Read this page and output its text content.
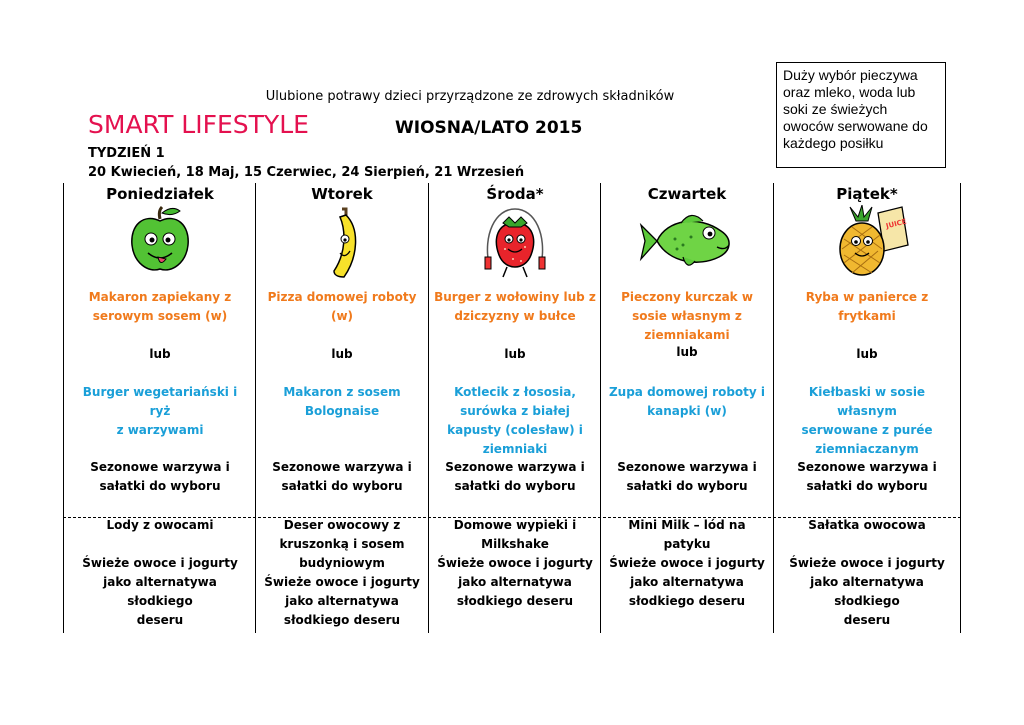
Duży wybór pieczywa
oraz mleko, woda lub
soki ze świeżych
owoców serwowane do
każdego posiłku
Ulubione potrawy dzieci przyrządzone ze zdrowych składników
SMART LIFESTYLE	WIOSNA/LATO 2015
TYDZIEŃ 1
20 Kwiecień, 18 Maj, 15 Czerwiec, 24 Sierpień, 21 Wrzesień
Poniedziałek
Makaron zapiekany z
serowym sosem (w)
lub
Burger wegetariański i ryż
z warzywami
Sezonowe warzywa i
sałatki do wyboru
Lody z owocami
Świeże owoce i jogurty
jako alternatywa słodkiego
deseru
Wtorek
Pizza domowej roboty
(w)
lub
Makaron z sosem
Bolognaise
Sezonowe warzywa i
sałatki do wyboru
Deser owocowy z
kruszonką i sosem
budyniowym
Świeże owoce i jogurty
jako alternatywa
słodkiego deseru
Środa*
Burger z wołowiny lub z
dziczyzny w bułce
lub
Kotlecik z łososia,
surówka z białej
kapusty (colesław) i
ziemniaki
Sezonowe warzywa i
sałatki do wyboru
Domowe wypieki i
Milkshake
Świeże owoce i jogurty
jako alternatywa
słodkiego deseru
Czwartek
Pieczony kurczak w
sosie własnym z
ziemniakami
lub
Zupa domowej roboty i
kanapki (w)
Sezonowe warzywa i
sałatki do wyboru
Mini Milk – lód na
patyku
Świeże owoce i jogurty
jako alternatywa
słodkiego deseru
Piątek*
JUICE
Ryba w panierce z
frytkami
lub
Kiełbaski w sosie własnym
serwowane z purée
ziemniaczanym
Sezonowe warzywa i
sałatki do wyboru
Sałatka owocowa
Świeże owoce i jogurty
jako alternatywa słodkiego
deseru
